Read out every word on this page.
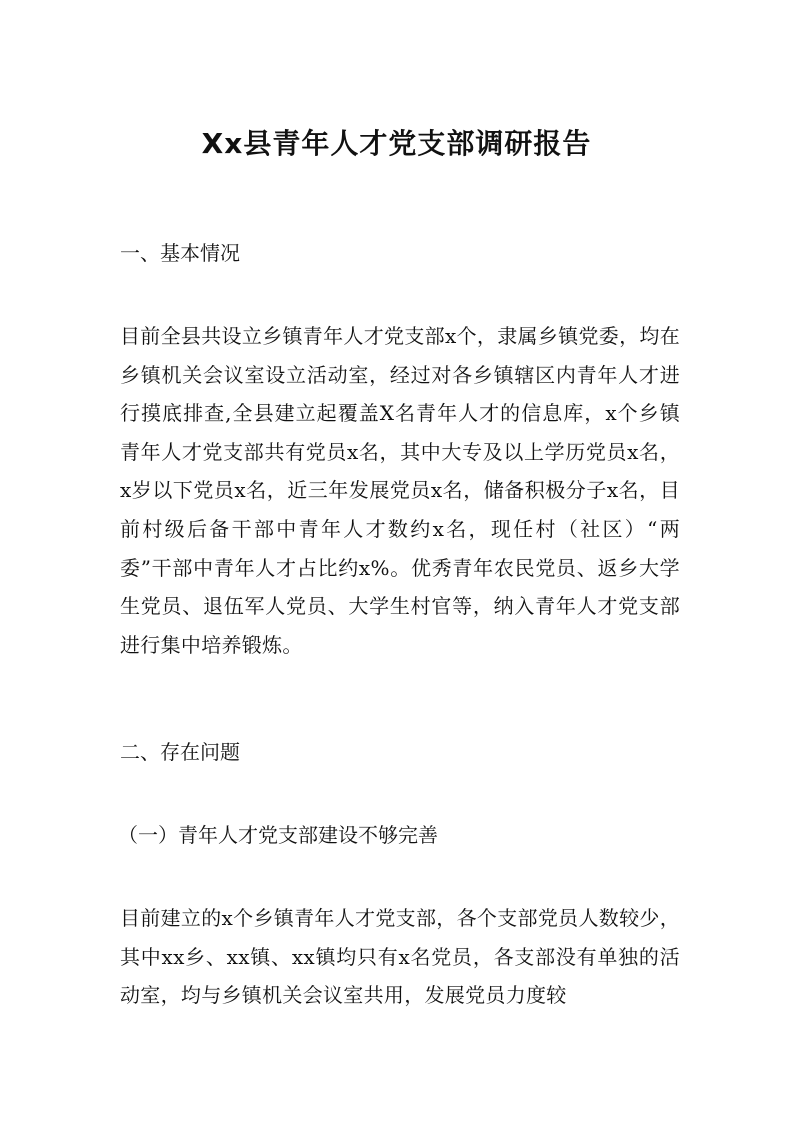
Xx县青年人才党支部调研报告
一、基本情况

目前全县共设立乡镇青年人才党支部x个，隶属乡镇党委，均在乡镇机关会议室设立活动室，经过对各乡镇辖区内青年人才进行摸底排查,全县建立起覆盖X名青年人才的信息库，x个乡镇青年人才党支部共有党员x名，其中大专及以上学历党员x名，x岁以下党员x名，近三年发展党员x名，储备积极分子x名，目前村级后备干部中青年人才数约x名，现任村（社区）“两委”干部中青年人才占比约x%。优秀青年农民党员、返乡大学生党员、退伍军人党员、大学生村官等，纳入青年人才党支部进行集中培养锻炼。

二、存在问题
（一）青年人才党支部建设不够完善

目前建立的x个乡镇青年人才党支部，各个支部党员人数较少，其中xx乡、xx镇、xx镇均只有x名党员，各支部没有单独的活动室，均与乡镇机关会议室共用，发展党员力度较
